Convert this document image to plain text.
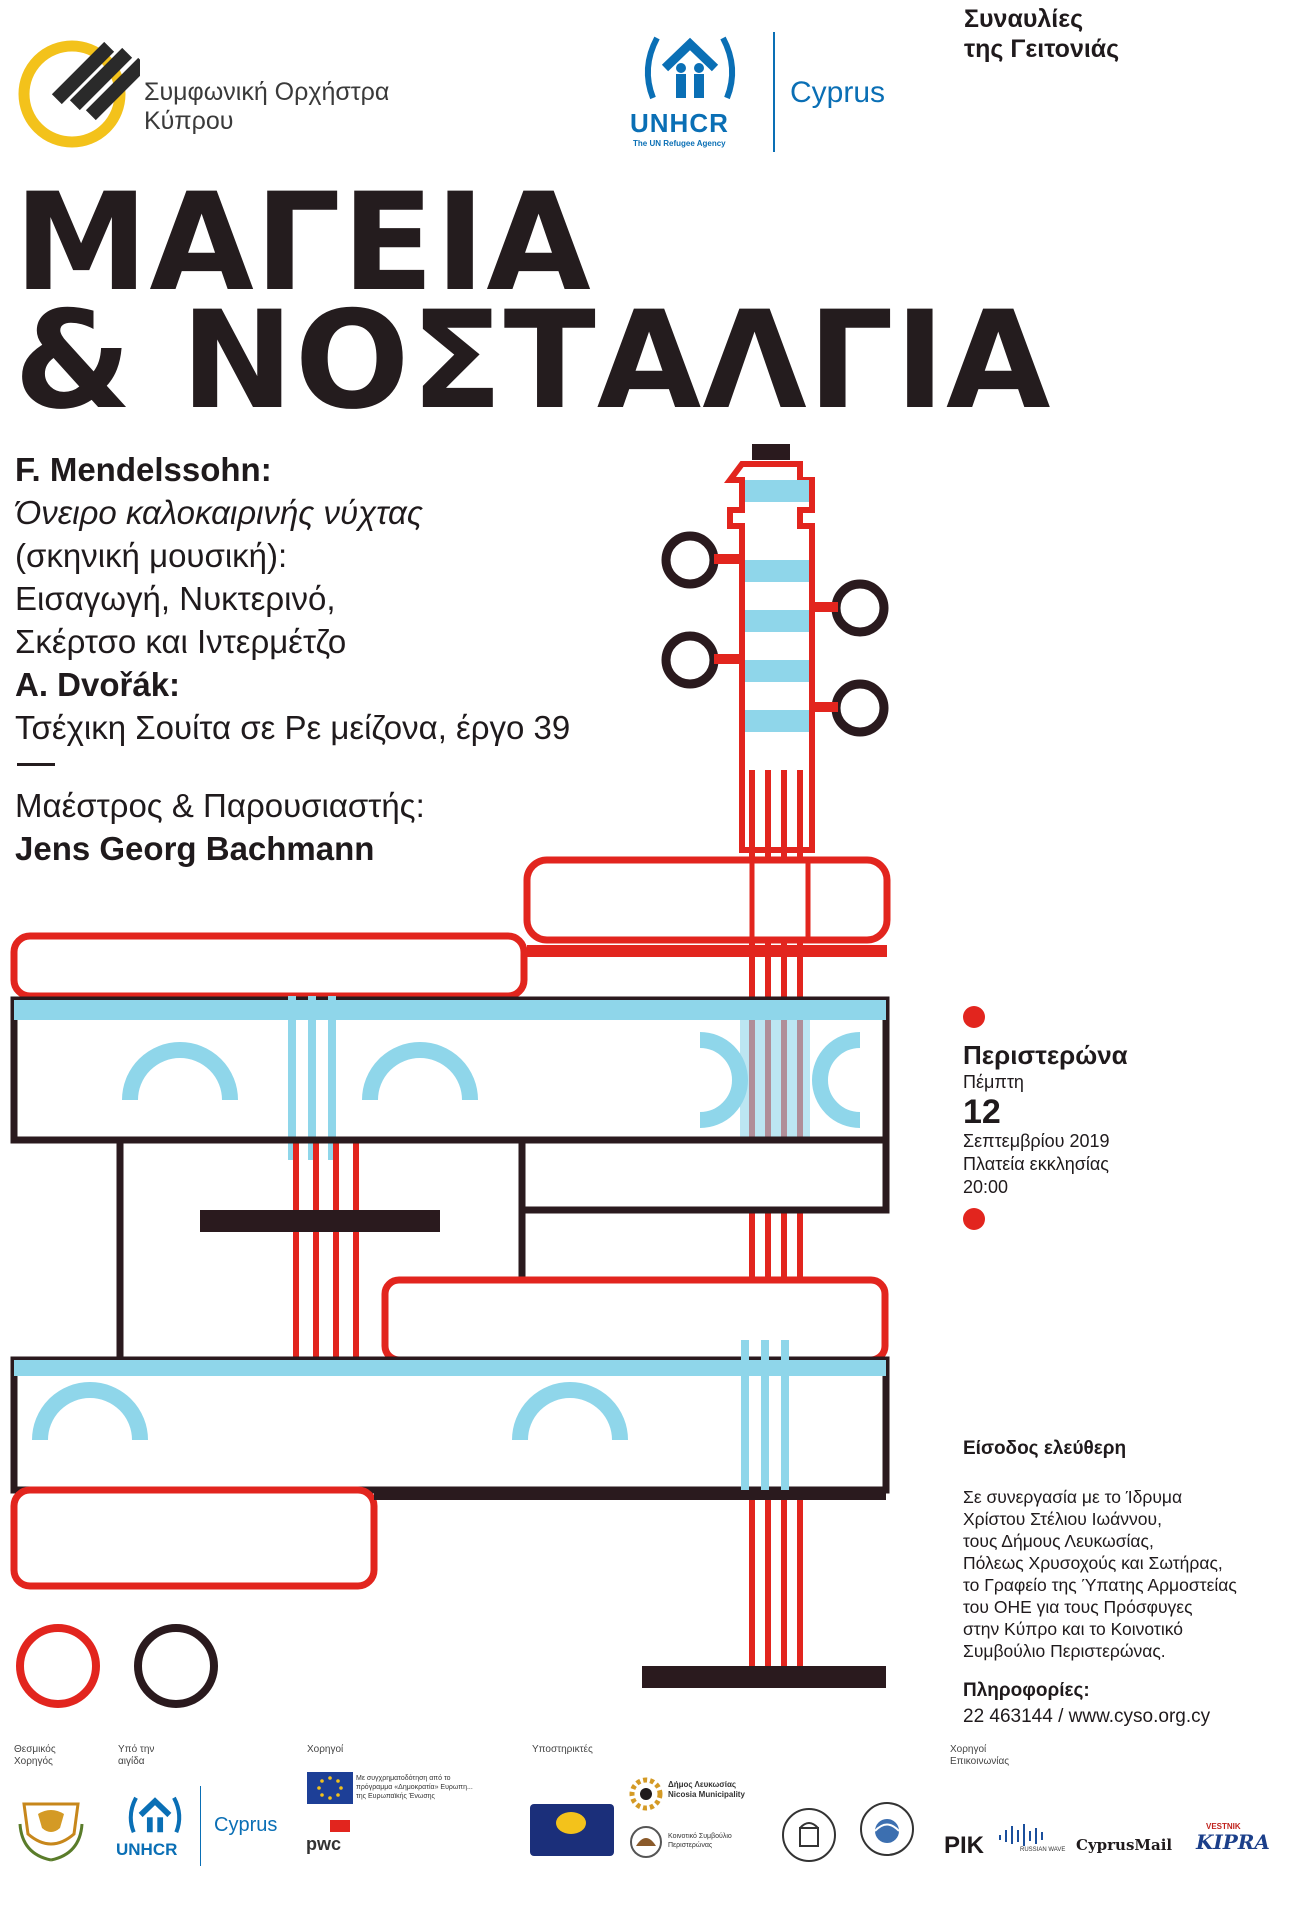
Συμφωνική Ορχήστρα
Κύπρου	UNHCR
The UN Refugee Agency
Cyprus
Συναυλίες
της Γειτονιάς
ΜΑΓΕΙΑ
& ΝΟΣΤΑΛΓΙΑ
F. Mendelssohn:
Όνειρο καλοκαιρινής νύχτας
(σκηνική μουσική):
Εισαγωγή, Νυκτερινό,
Σκέρτσο και Ιντερμέτζο
A. Dvořák:
Τσέχικη Σουίτα σε Ρε μείζονα, έργο 39
Μαέστρος & Παρουσιαστής:
Jens Georg Bachmann
Περιστερώνα
Πέμπτη
12
Σεπτεμβρίου 2019
Πλατεία εκκλησίας
20:00
Είσοδος ελεύθερη
Σε συνεργασία με το Ίδρυμα
Χρίστου Στέλιου Ιωάννου,
τους Δήμους Λευκωσίας,
Πόλεως Χρυσοχούς και Σωτήρας,
το Γραφείο της Ύπατης Αρμοστείας
του ΟΗΕ για τους Πρόσφυγες
στην Κύπρο και το Κοινοτικό
Συμβούλιο Περιστερώνας.
Πληροφορίες:
22 463144 / www.cyso.org.cy
Θεσμικός Χορηγός
Υπό την αιγίδα
Χορηγοί	Υποστηρικτές	Χορηγοί Επικοινωνίας
UNHCR
Cyprus
Με συγχρηματοδότηση από το πρόγραμμα «Δημοκρατία» Ευρωπη... της Ευρωπαϊκής Ένωσης
pwc
Δήμος Λευκωσίας
Nicosia Municipality
Κοινοτικό Συμβούλιο Περιστερώνας	PIK	RUSSIAN WAVE CyprusMail
VESTNIK
KIPRA
